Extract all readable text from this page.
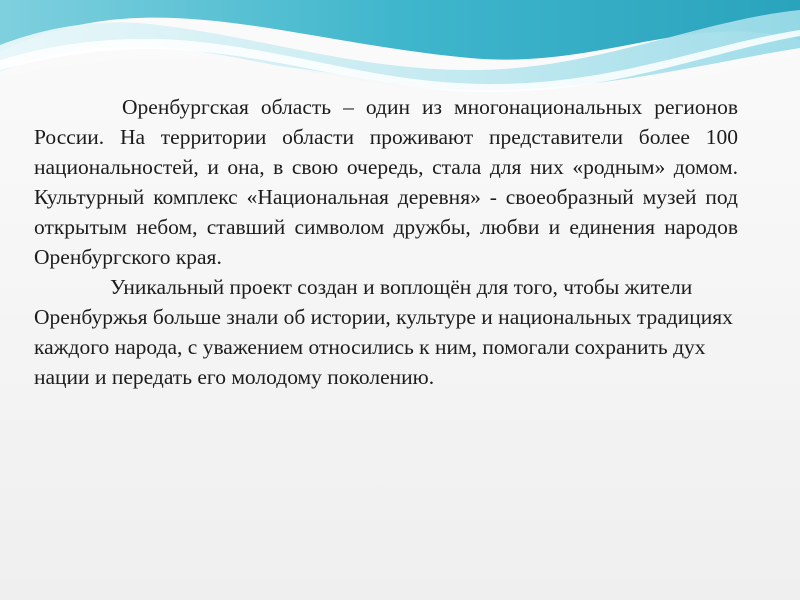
Оренбургская область – один из многонациональных регионов России. На территории области проживают представители более 100 национальностей, и она, в свою очередь, стала для них «родным» домом. Культурный комплекс «Национальная деревня» - своеобразный музей под открытым небом, ставший символом дружбы, любви и единения народов Оренбургского края.

Уникальный проект создан и воплощён для того, чтобы жители Оренбуржья больше знали об истории, культуре и национальных традициях каждого народа, с уважением относились к ним, помогали сохранить дух нации и передать его молодому поколению.
